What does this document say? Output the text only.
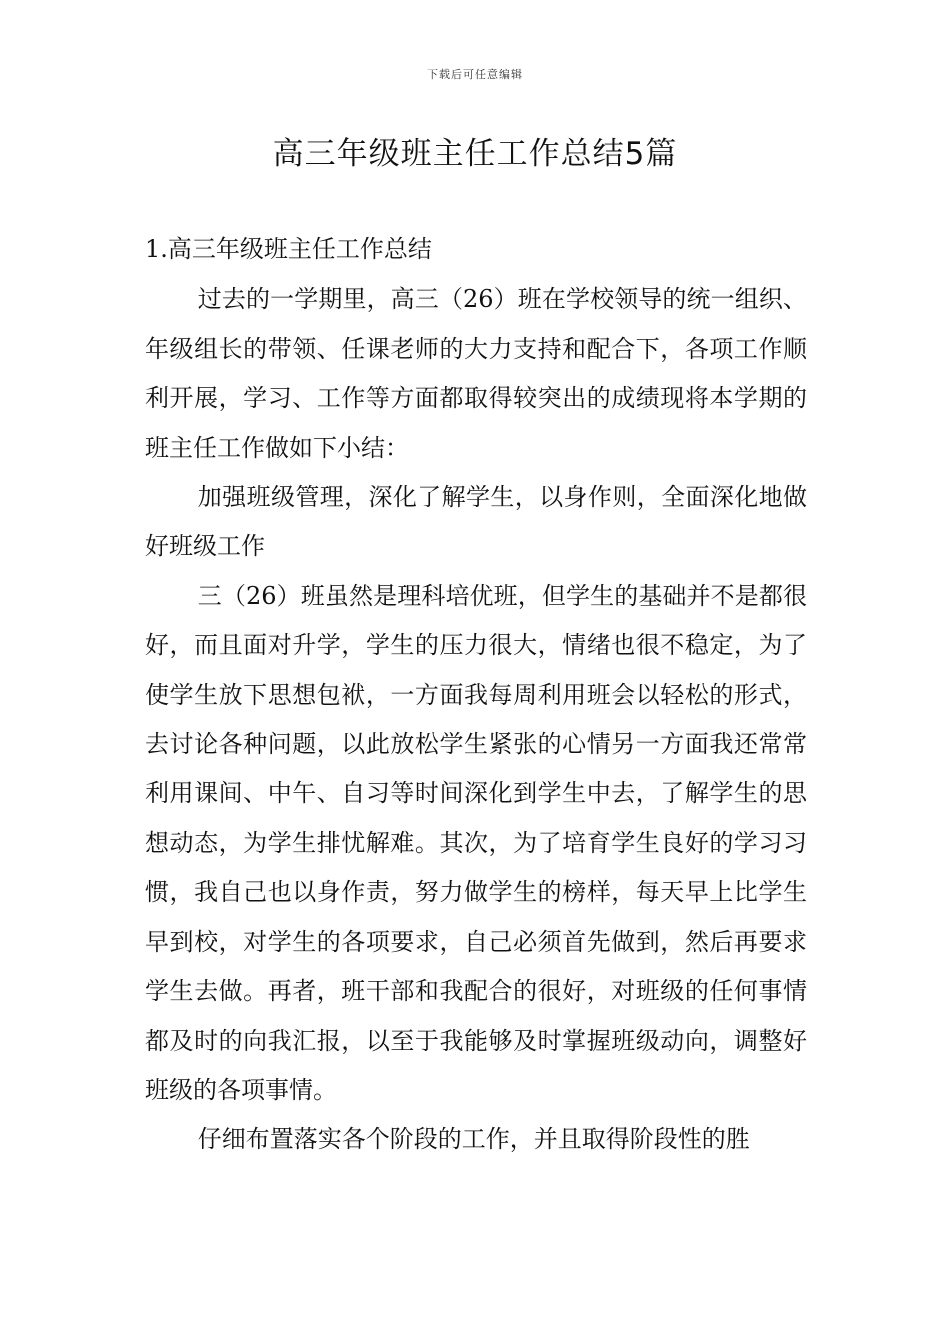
下载后可任意编辑
高三年级班主任工作总结5篇

1.高三年级班主任工作总结

过去的一学期里，高三（26）班在学校领导的统一组织、年级组长的带领、任课老师的大力支持和配合下，各项工作顺利开展，学习、工作等方面都取得较突出的成绩现将本学期的班主任工作做如下小结：

加强班级管理，深化了解学生，以身作则，全面深化地做好班级工作

三（26）班虽然是理科培优班，但学生的基础并不是都很好，而且面对升学，学生的压力很大，情绪也很不稳定，为了使学生放下思想包袱，一方面我每周利用班会以轻松的形式，去讨论各种问题，以此放松学生紧张的心情另一方面我还常常利用课间、中午、自习等时间深化到学生中去，了解学生的思想动态，为学生排忧解难。其次，为了培育学生良好的学习习惯，我自己也以身作责，努力做学生的榜样，每天早上比学生早到校，对学生的各项要求，自己必须首先做到，然后再要求学生去做。再者，班干部和我配合的很好，对班级的任何事情都及时的向我汇报，以至于我能够及时掌握班级动向，调整好班级的各项事情。

仔细布置落实各个阶段的工作，并且取得阶段性的胜
